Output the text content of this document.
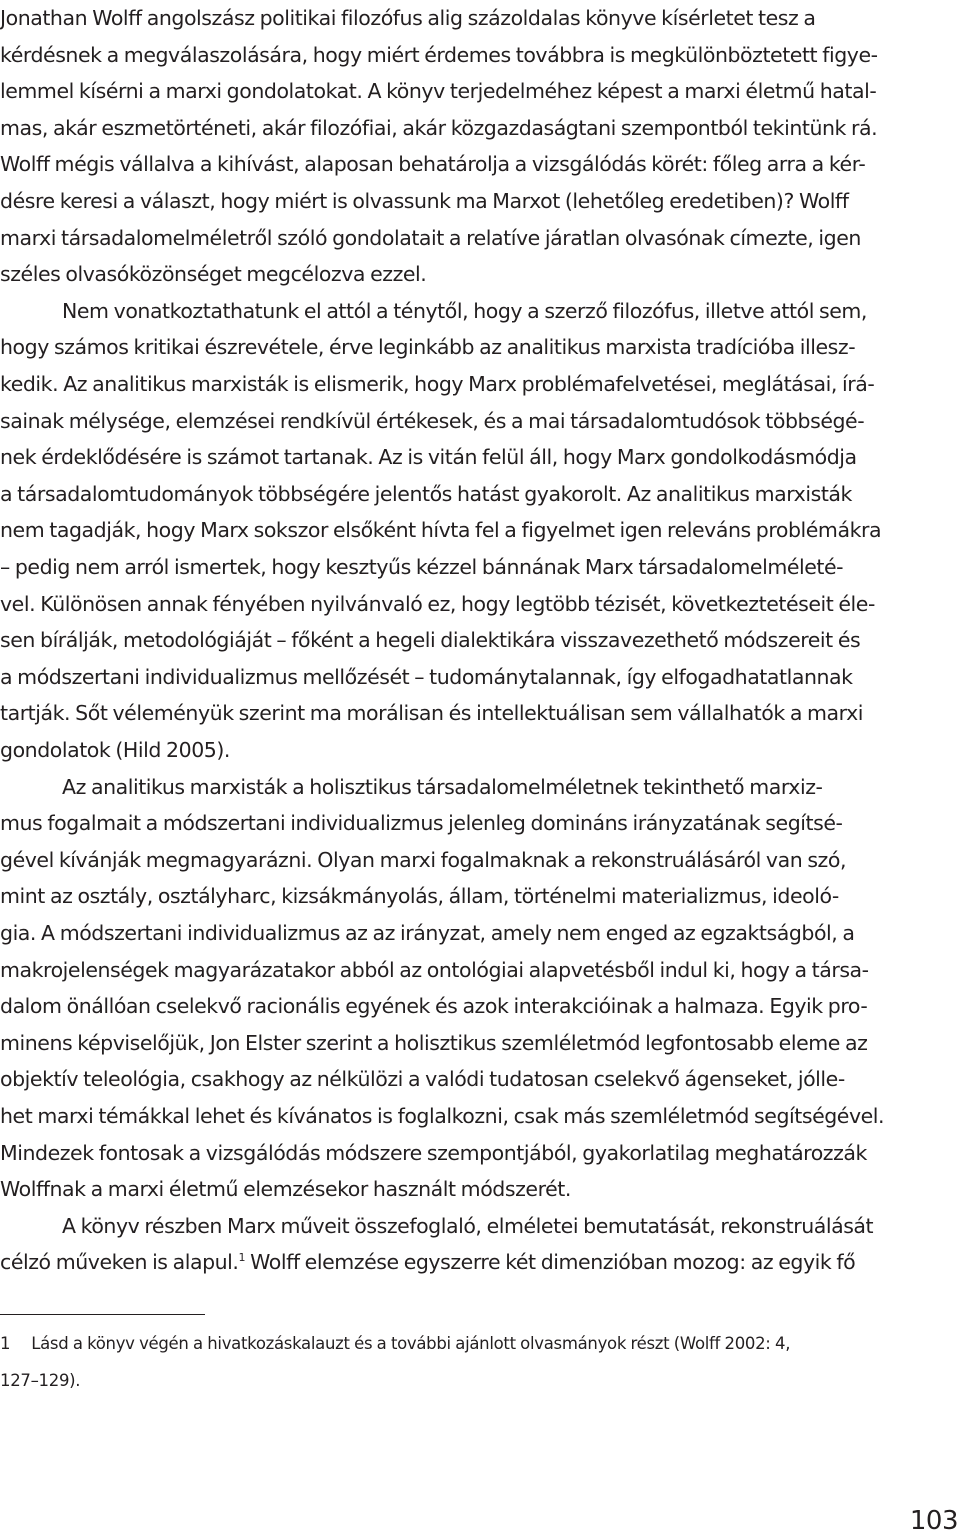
Jonathan Wolff angolszász politikai filozófus alig százoldalas könyve kísérletet tesz a
kérdésnek a megválaszolására, hogy miért érdemes továbbra is megkülönböztetett figye-
lemmel kísérni a marxi gondolatokat. A könyv terjedelméhez képest a marxi életmű hatal-
mas, akár eszmetörténeti, akár filozófiai, akár közgazdaságtani szempontból tekintünk rá.
Wolff mégis vállalva a kihívást, alaposan behatárolja a vizsgálódás körét: főleg arra a kér-
désre keresi a választ, hogy miért is olvassunk ma Marxot (lehetőleg eredetiben)? Wolff
marxi társadalomelméletről szóló gondolatait a relatíve járatlan olvasónak címezte, igen
széles olvasóközönséget megcélozva ezzel.
Nem vonatkoztathatunk el attól a ténytől, hogy a szerző filozófus, illetve attól sem,
hogy számos kritikai észrevétele, érve leginkább az analitikus marxista tradícióba illesz-
kedik. Az analitikus marxisták is elismerik, hogy Marx problémafelvetései, meglátásai, írá-
sainak mélysége, elemzései rendkívül értékesek, és a mai társadalomtudósok többségé-
nek érdeklődésére is számot tartanak. Az is vitán felül áll, hogy Marx gondolkodásmódja
a társadalomtudományok többségére jelentős hatást gyakorolt. Az analitikus marxisták
nem tagadják, hogy Marx sokszor elsőként hívta fel a figyelmet igen releváns problémákra
– pedig nem arról ismertek, hogy kesztyűs kézzel bánnának Marx társadalomelméleté-
vel. Különösen annak fényében nyilvánvaló ez, hogy legtöbb tézisét, következtetéseit éle-
sen bírálják, metodológiáját – főként a hegeli dialektikára visszavezethető módszereit és
a módszertani individualizmus mellőzését – tudománytalannak, így elfogadhatatlannak
tartják. Sőt véleményük szerint ma morálisan és intellektuálisan sem vállalhatók a marxi
gondolatok (Hild 2005).
Az analitikus marxisták a holisztikus társadalomelméletnek tekinthető marxiz-
mus fogalmait a módszertani individualizmus jelenleg domináns irányzatának segítsé-
gével kívánják megmagyarázni. Olyan marxi fogalmaknak a rekonstruálásáról van szó,
mint az osztály, osztályharc, kizsákmányolás, állam, történelmi materializmus, ideoló-
gia. A módszertani individualizmus az az irányzat, amely nem enged az egzaktságból, a
makrojelenségek magyarázatakor abból az ontológiai alapvetésből indul ki, hogy a társa-
dalom önállóan cselekvő racionális egyének és azok interakcióinak a halmaza. Egyik pro-
minens képviselőjük, Jon Elster szerint a holisztikus szemléletmód legfontosabb eleme az
objektív teleológia, csakhogy az nélkülözi a valódi tudatosan cselekvő ágenseket, jólle-
het marxi témákkal lehet és kívánatos is foglalkozni, csak más szemléletmód segítségével.
Mindezek fontosak a vizsgálódás módszere szempontjából, gyakorlatilag meghatározzák
Wolffnak a marxi életmű elemzésekor használt módszerét.
A könyv részben Marx műveit összefoglaló, elméletei bemutatását, rekonstruálását
célzó műveken is alapul.$^1$ Wolff elemzése egyszerre két dimenzióban mozog: az egyik fő
1 Lásd a könyv végén a hivatkozáskalauzt és a további ajánlott olvasmányok részt (Wolff 2002: 4,
127–129).
103
